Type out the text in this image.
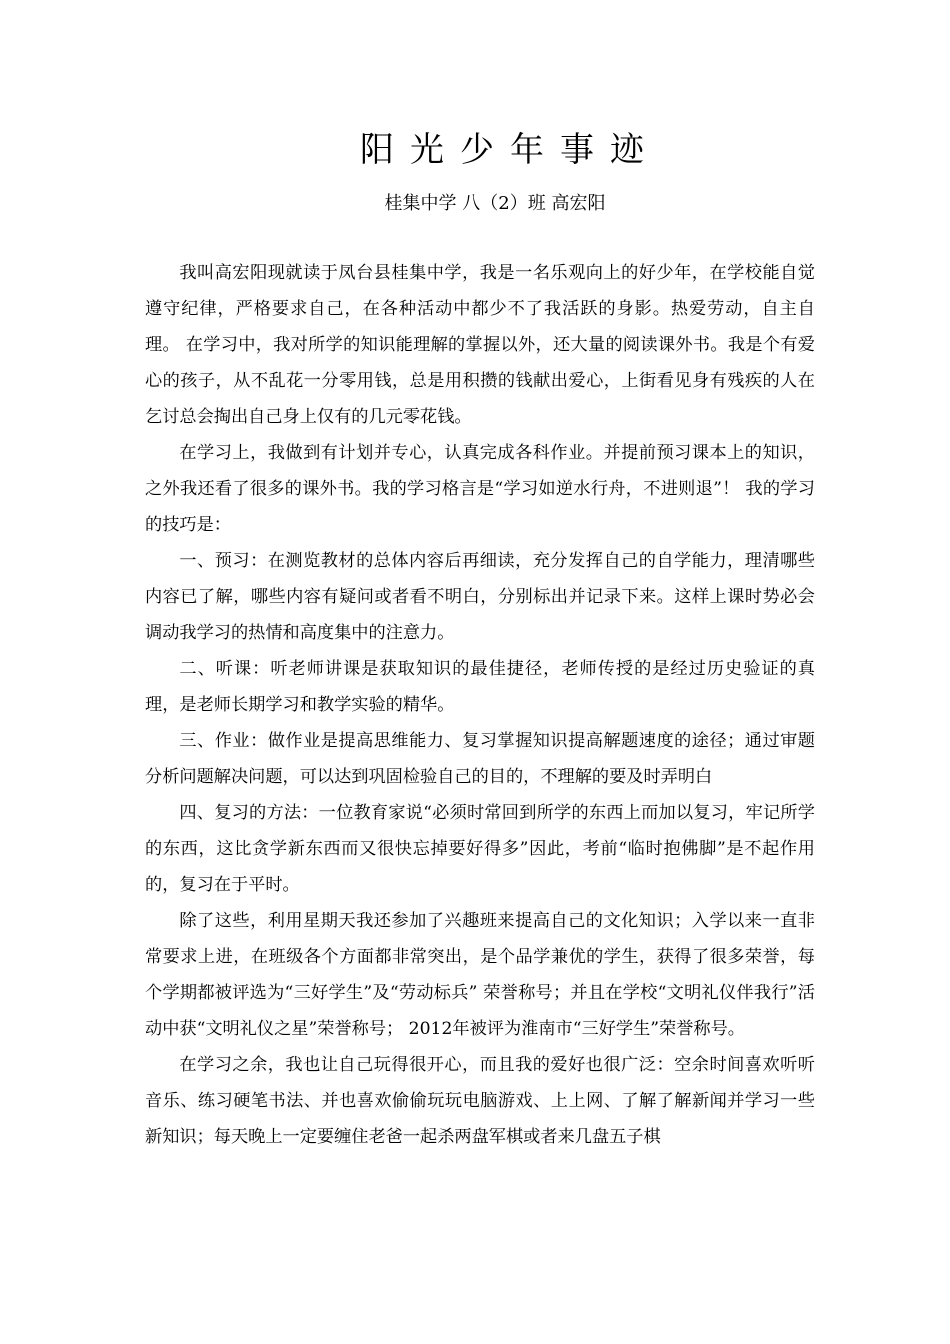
阳光少年事迹
桂集中学 八（2）班 高宏阳

我叫高宏阳现就读于凤台县桂集中学，我是一名乐观向上的好少年，在学校能自觉遵守纪律，严格要求自己，在各种活动中都少不了我活跃的身影。热爱劳动，自主自理。 在学习中，我对所学的知识能理解的掌握以外，还大量的阅读课外书。我是个有爱心的孩子，从不乱花一分零用钱，总是用积攒的钱献出爱心，上街看见身有残疾的人在乞讨总会掏出自己身上仅有的几元零花钱。

在学习上，我做到有计划并专心，认真完成各科作业。并提前预习课本上的知识，之外我还看了很多的课外书。我的学习格言是“学习如逆水行舟，不进则退”！ 我的学习的技巧是：

一、预习：在测览教材的总体内容后再细读，充分发挥自己的自学能力，理清哪些内容已了解，哪些内容有疑问或者看不明白，分别标出并记录下来。这样上课时势必会调动我学习的热情和高度集中的注意力。

二、听课：听老师讲课是获取知识的最佳捷径，老师传授的是经过历史验证的真理，是老师长期学习和教学实验的精华。

三、作业：做作业是提高思维能力、复习掌握知识提高解题速度的途径；通过审题分析问题解决问题，可以达到巩固检验自己的目的，不理解的要及时弄明白

四、复习的方法：一位教育家说“必须时常回到所学的东西上而加以复习，牢记所学的东西，这比贪学新东西而又很快忘掉要好得多”因此，考前“临时抱佛脚”是不起作用的，复习在于平时。

除了这些，利用星期天我还参加了兴趣班来提高自己的文化知识；入学以来一直非常要求上进，在班级各个方面都非常突出，是个品学兼优的学生，获得了很多荣誉，每个学期都被评选为“三好学生”及“劳动标兵” 荣誉称号；并且在学校“文明礼仪伴我行”活动中获“文明礼仪之星”荣誉称号； 2012年被评为淮南市“三好学生”荣誉称号。

在学习之余，我也让自己玩得很开心，而且我的爱好也很广泛：空余时间喜欢听听音乐、练习硬笔书法、并也喜欢偷偷玩玩电脑游戏、上上网、了解了解新闻并学习一些新知识；每天晚上一定要缠住老爸一起杀两盘军棋或者来几盘五子棋
